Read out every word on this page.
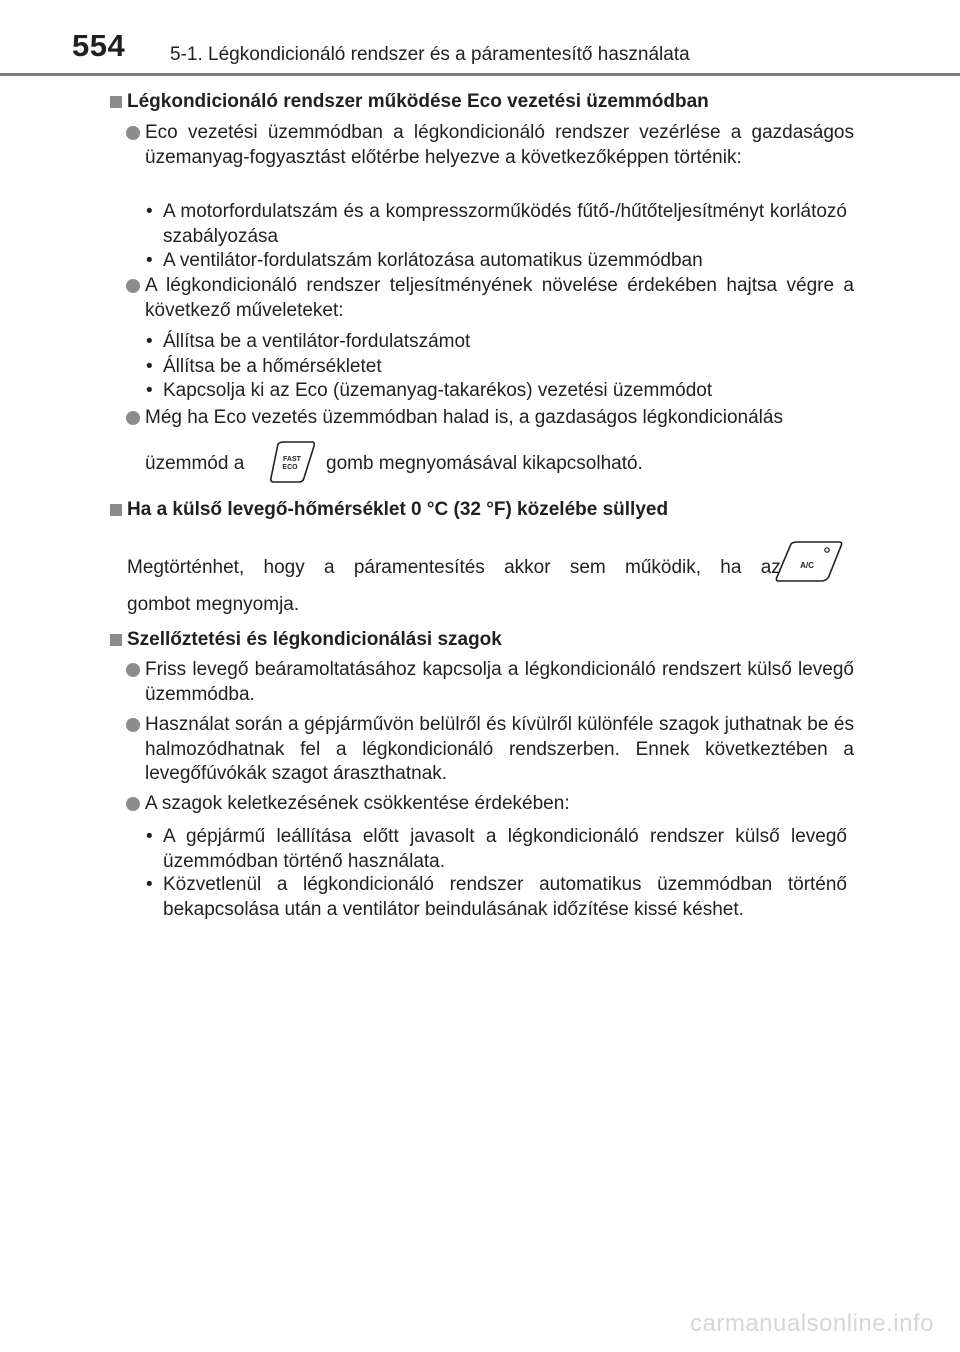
554 5-1. Légkondicionáló rendszer és a páramentesítő használata
Légkondicionáló rendszer működése Eco vezetési üzemmódban
Eco vezetési üzemmódban a légkondicionáló rendszer vezérlése a gazdaságos üzemanyag-fogyasztást előtérbe helyezve a következőképpen történik:
• A motorfordulatszám és a kompresszorműködés fűtő-/hűtőteljesítményt korlátozó szabályozása
• A ventilátor-fordulatszám korlátozása automatikus üzemmódban
A légkondicionáló rendszer teljesítményének növelése érdekében hajtsa végre a következő műveleteket:
• Állítsa be a ventilátor-fordulatszámot
• Állítsa be a hőmérsékletet
• Kapcsolja ki az Eco (üzemanyag-takarékos) vezetési üzemmódot
Még ha Eco vezetés üzemmódban halad is, a gazdaságos légkondicionálás
üzemmód a	FAST
ECO gomb megnyomásával kikapcsolható.
Ha a külső levegő-hőmérséklet 0 °C (32 °F) közelébe süllyed
Megtörténhet, hogy a páramentesítés akkor sem működik, ha az A/C
gombot megnyomja.
Szellőztetési és légkondicionálási szagok
Friss levegő beáramoltatásához kapcsolja a légkondicionáló rendszert külső levegő üzemmódba.
Használat során a gépjárművön belülről és kívülről különféle szagok juthatnak be és halmozódhatnak fel a légkondicionáló rendszerben. Ennek következtében a levegőfúvókák szagot áraszthatnak.
A szagok keletkezésének csökkentése érdekében:
• A gépjármű leállítása előtt javasolt a légkondicionáló rendszer külső levegő üzemmódban történő használata.
• Közvetlenül a légkondicionáló rendszer automatikus üzemmódban történő bekapcsolása után a ventilátor beindulásának időzítése kissé késhet.
carmanualsonline.info
